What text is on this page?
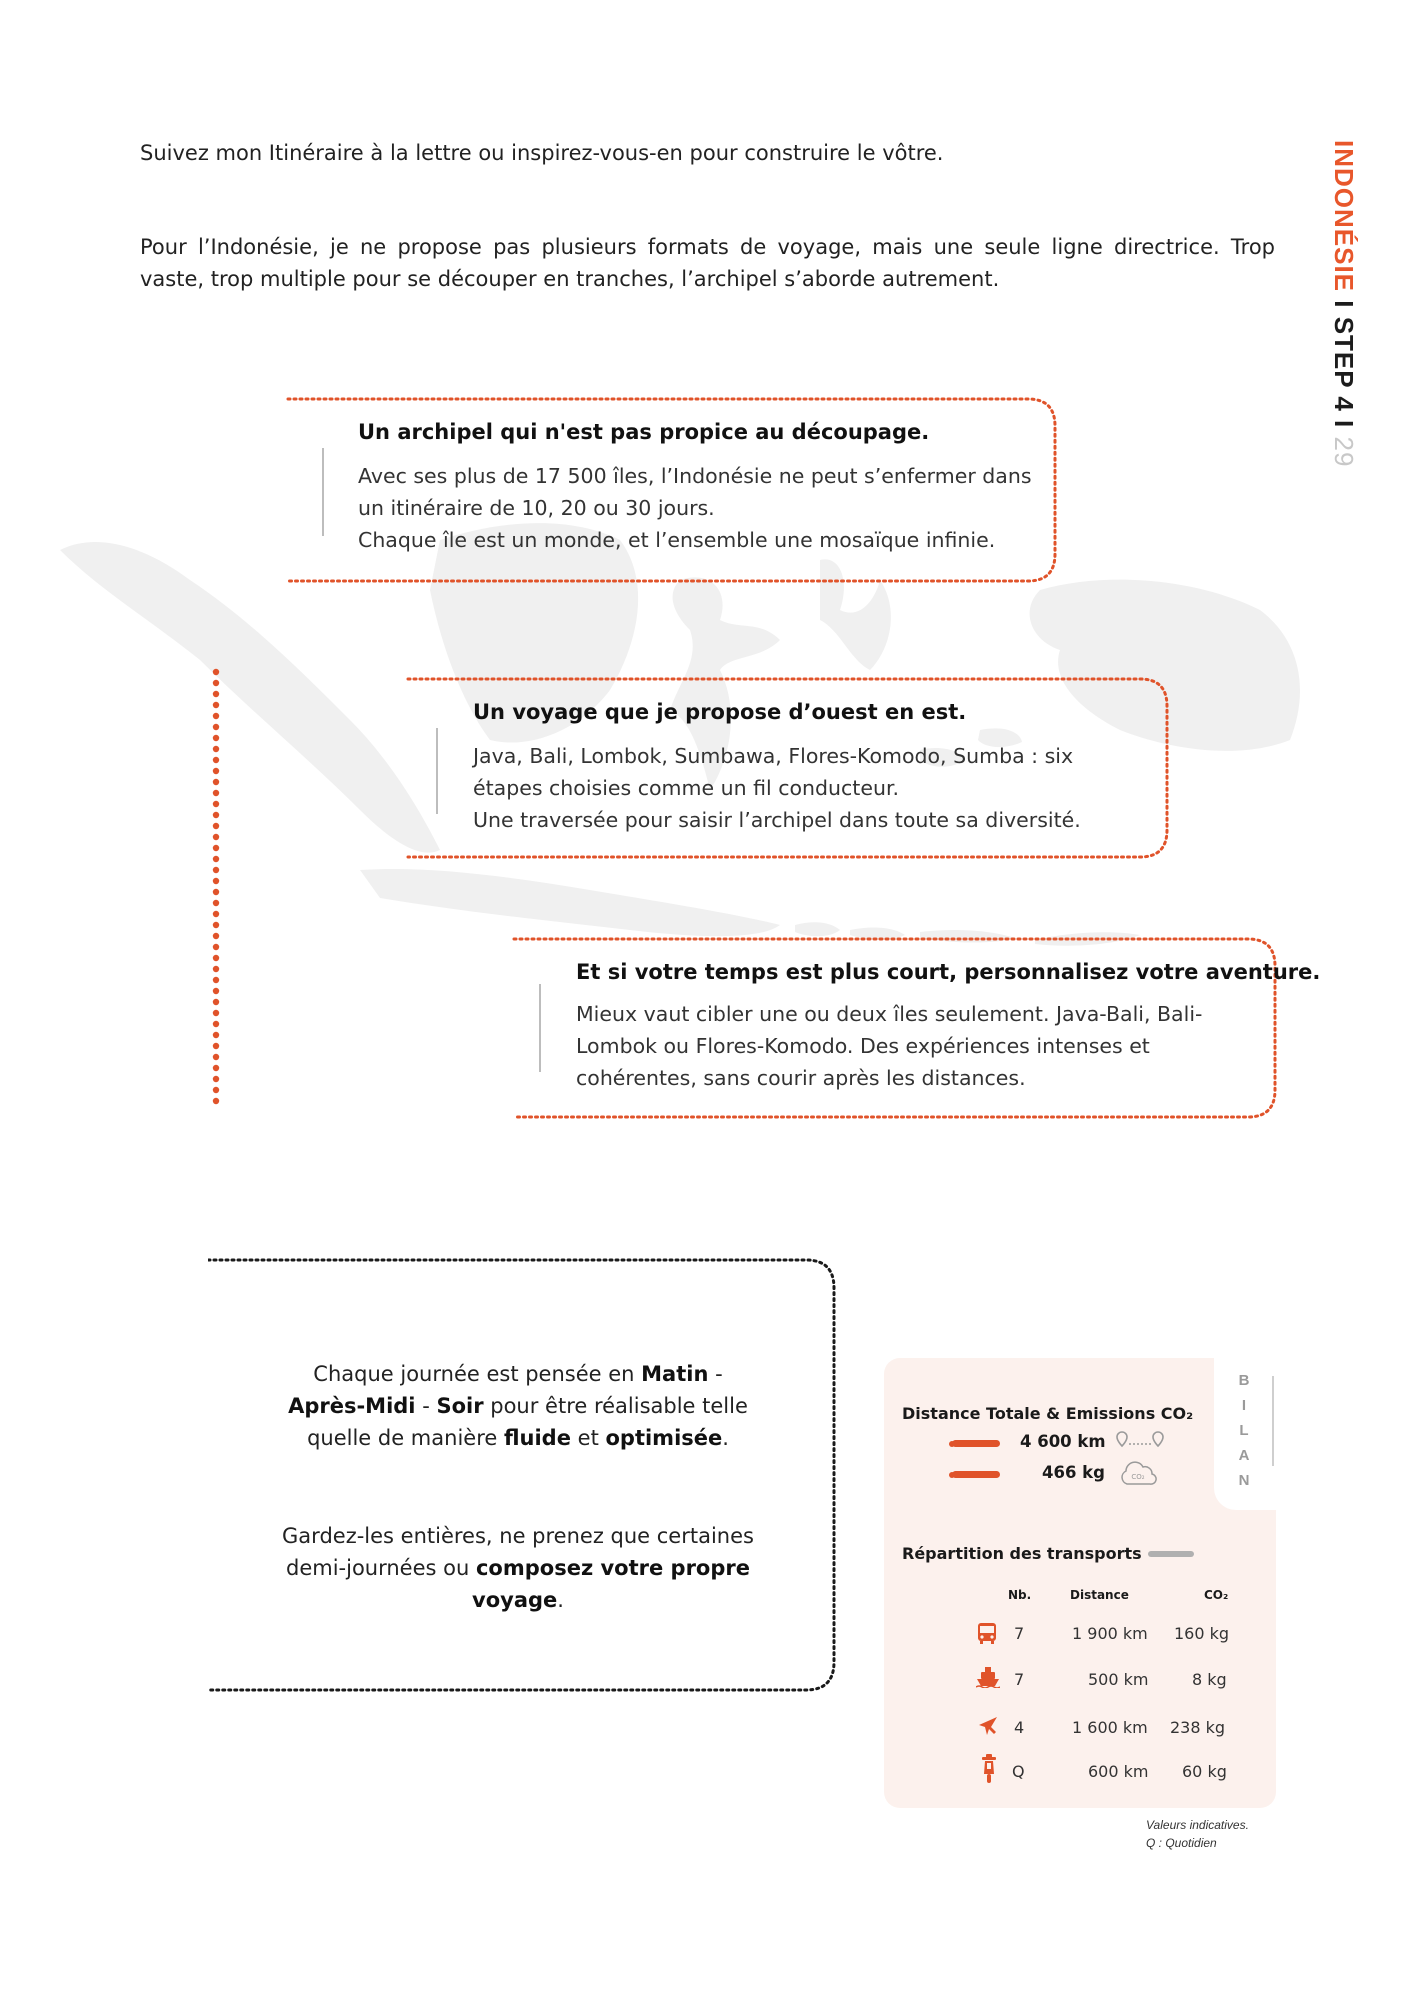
Suivez mon Itinéraire à la lettre ou inspirez-vous-en pour construire le vôtre.
Pour l’Indonésie, je ne propose pas plusieurs formats de voyage, mais une seule ligne directrice. Trop vaste, trop multiple pour se découper en tranches, l’archipel s’aborde autrement.	INDONÉSIE I STEP 4 I 29
Un archipel qui n'est pas propice au découpage.
Avec ses plus de 17 500 îles, l’Indonésie ne peut s’enfermer dans
un itinéraire de 10, 20 ou 30 jours.
Chaque île est un monde, et l’ensemble une mosaïque infinie.
Un voyage que je propose d’ouest en est.
Java, Bali, Lombok, Sumbawa, Flores-Komodo, Sumba : six
étapes choisies comme un fil conducteur.
Une traversée pour saisir l’archipel dans toute sa diversité.
Et si votre temps est plus court, personnalisez votre aventure.
Mieux vaut cibler une ou deux îles seulement. Java-Bali, Bali-
Lombok ou Flores-Komodo. Des expériences intenses et
cohérentes, sans courir après les distances.
Chaque journée est pensée en Matin - Après-Midi - Soir pour être réalisable telle quelle de manière fluide et optimisée.
Gardez-les entières, ne prenez que certaines demi-journées ou composez votre propre voyage.
B
I
L
A
N
Distance Totale & Emissions CO₂
4 600 km
466 kg	CO₂
Répartition des transports
Nb.	Distance	CO₂
7	1 900 km 160 kg
7	500 km	8 kg
4	1 600 km 238 kg
Q	600 km 60 kg
Valeurs indicatives.
Q : Quotidien
